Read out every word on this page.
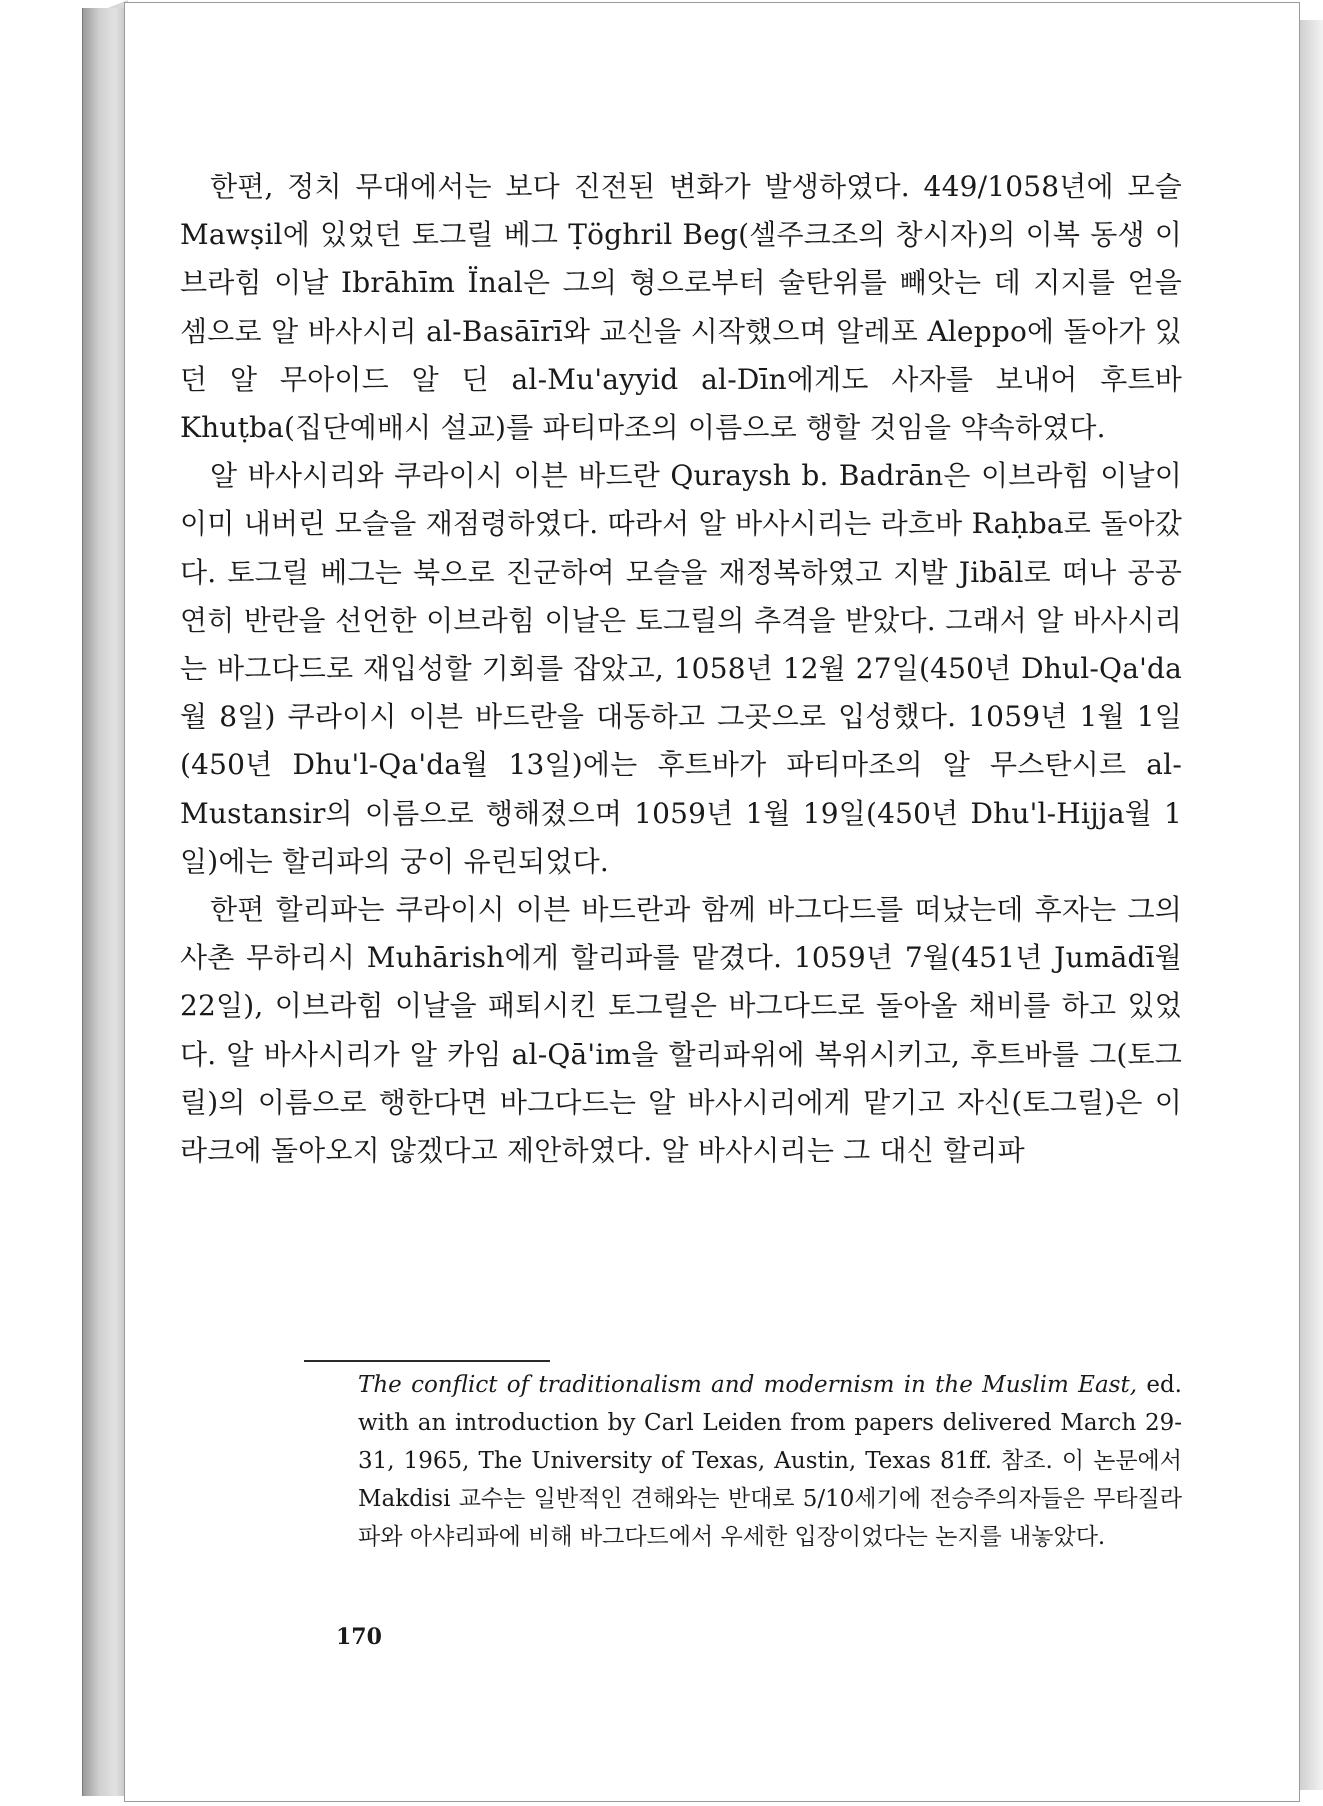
한편, 정치 무대에서는 보다 진전된 변화가 발생하였다. 449/1058년에 모슬 Mawṣil에 있었던 토그릴 베그 Ṭöghril Beg(셀주크조의 창시자)의 이복 동생 이브라힘 이날 Ibrāhīm Ïnal은 그의 형으로부터 술탄위를 빼앗는 데 지지를 얻을 셈으로 알 바사시리 al-Basāīrī와 교신을 시작했으며 알레포 Aleppo에 돌아가 있던 알 무아이드 알 딘 al-Mu'ayyid al-Dīn에게도 사자를 보내어 후트바 Khuṭba(집단예배시 설교)를 파티마조의 이름으로 행할 것임을 약속하였다.

알 바사시리와 쿠라이시 이븐 바드란 Quraysh b. Badrān은 이브라힘 이날이 이미 내버린 모슬을 재점령하였다. 따라서 알 바사시리는 라흐바 Raḥba로 돌아갔다. 토그릴 베그는 북으로 진군하여 모슬을 재정복하였고 지발 Jibāl로 떠나 공공연히 반란을 선언한 이브라힘 이날은 토그릴의 추격을 받았다. 그래서 알 바사시리는 바그다드로 재입성할 기회를 잡았고, 1058년 12월 27일(450년 Dhul-Qa'da월 8일) 쿠라이시 이븐 바드란을 대동하고 그곳으로 입성했다. 1059년 1월 1일(450년 Dhu'l-Qa'da월 13일)에는 후트바가 파티마조의 알 무스탄시르 al-Mustansir의 이름으로 행해졌으며 1059년 1월 19일(450년 Dhu'l-Hijja월 1일)에는 할리파의 궁이 유린되었다.

한편 할리파는 쿠라이시 이븐 바드란과 함께 바그다드를 떠났는데 후자는 그의 사촌 무하리시 Muhārish에게 할리파를 맡겼다. 1059년 7월(451년 Jumādī월 22일), 이브라힘 이날을 패퇴시킨 토그릴은 바그다드로 돌아올 채비를 하고 있었다. 알 바사시리가 알 카임 al-Qā'im을 할리파위에 복위시키고, 후트바를 그(토그릴)의 이름으로 행한다면 바그다드는 알 바사시리에게 맡기고 자신(토그릴)은 이라크에 돌아오지 않겠다고 제안하였다. 알 바사시리는 그 대신 할리파

The conflict of traditionalism and modernism in the Muslim East, ed. with an introduction by Carl Leiden from papers delivered March 29-31, 1965, The University of Texas, Austin, Texas 81ff. 참조. 이 논문에서 Makdisi 교수는 일반적인 견해와는 반대로 5/10세기에 전승주의자들은 무타질라파와 아샤리파에 비해 바그다드에서 우세한 입장이었다는 논지를 내놓았다.

170
